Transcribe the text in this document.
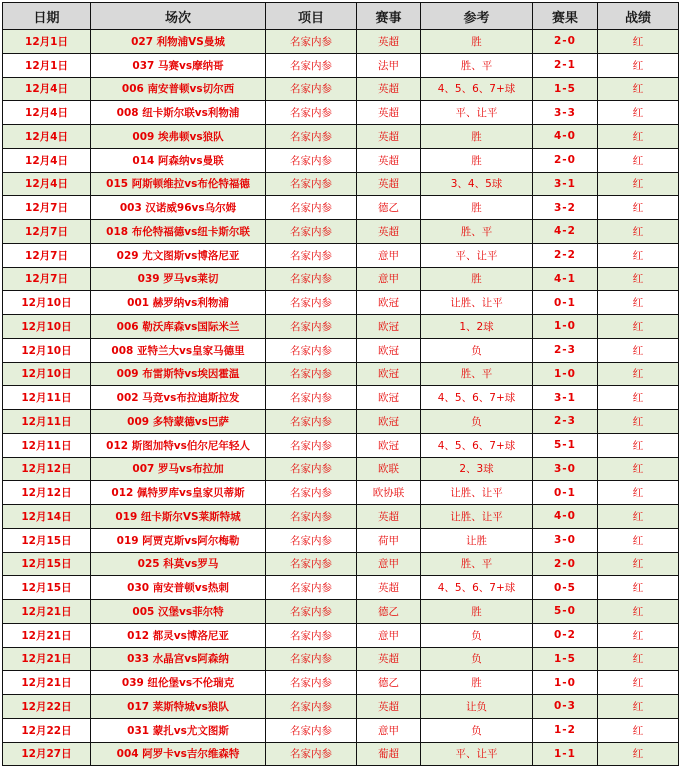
日期	场次	项目	赛事	参考	赛果	战绩
12月1日	027 利物浦VS曼城	名家内参	英超	胜	2-0	红
12月1日	037 马赛vs摩纳哥	名家内参	法甲	胜、平	2-1	红
12月4日	006 南安普顿vs切尔西	名家内参	英超	4、5、6、7+球	1-5	红
12月4日	008 纽卡斯尔联vs利物浦	名家内参	英超	平、让平	3-3	红
12月4日	009 埃弗顿vs狼队	名家内参	英超	胜	4-0	红
12月4日	014 阿森纳vs曼联	名家内参	英超	胜	2-0	红
12月4日	015 阿斯顿维拉vs布伦特福德	名家内参	英超	3、4、5球	3-1	红
12月7日	003 汉诺威96vs乌尔姆	名家内参	德乙	胜	3-2	红
12月7日	018 布伦特福德vs纽卡斯尔联	名家内参	英超	胜、平	4-2	红
12月7日	029 尤文图斯vs博洛尼亚	名家内参	意甲	平、让平	2-2	红
12月7日	039 罗马vs莱切	名家内参	意甲	胜	4-1	红
12月10日	001 赫罗纳vs利物浦	名家内参	欧冠	让胜、让平	0-1	红
12月10日	006 勒沃库森vs国际米兰	名家内参	欧冠	1、2球	1-0	红
12月10日	008 亚特兰大vs皇家马德里	名家内参	欧冠	负	2-3	红
12月10日	009 布雷斯特vs埃因霍温	名家内参	欧冠	胜、平	1-0	红
12月11日	002 马竞vs布拉迪斯拉发	名家内参	欧冠	4、5、6、7+球	3-1	红
12月11日	009 多特蒙德vs巴萨	名家内参	欧冠	负	2-3	红
12月11日	012 斯图加特vs伯尔尼年轻人	名家内参	欧冠	4、5、6、7+球	5-1	红
12月12日	007 罗马vs布拉加	名家内参	欧联	2、3球	3-0	红
12月12日	012 佩特罗库vs皇家贝蒂斯	名家内参	欧协联	让胜、让平	0-1	红
12月14日	019 纽卡斯尔VS莱斯特城	名家内参	英超	让胜、让平	4-0	红
12月15日	019 阿贾克斯vs阿尔梅勒	名家内参	荷甲	让胜	3-0	红
12月15日	025 科莫vs罗马	名家内参	意甲	胜、平	2-0	红
12月15日	030 南安普顿vs热刺	名家内参	英超	4、5、6、7+球	0-5	红
12月21日	005 汉堡vs菲尔特	名家内参	德乙	胜	5-0	红
12月21日	012 都灵vs博洛尼亚	名家内参	意甲	负	0-2	红
12月21日	033 水晶宫vs阿森纳	名家内参	英超	负	1-5	红
12月21日	039 纽伦堡vs不伦瑞克	名家内参	德乙	胜	1-0	红
12月22日	017 莱斯特城vs狼队	名家内参	英超	让负	0-3	红
12月22日	031 蒙扎vs尤文图斯	名家内参	意甲	负	1-2	红
12月27日	004 阿罗卡vs吉尔维森特	名家内参	葡超	平、让平	1-1	红
